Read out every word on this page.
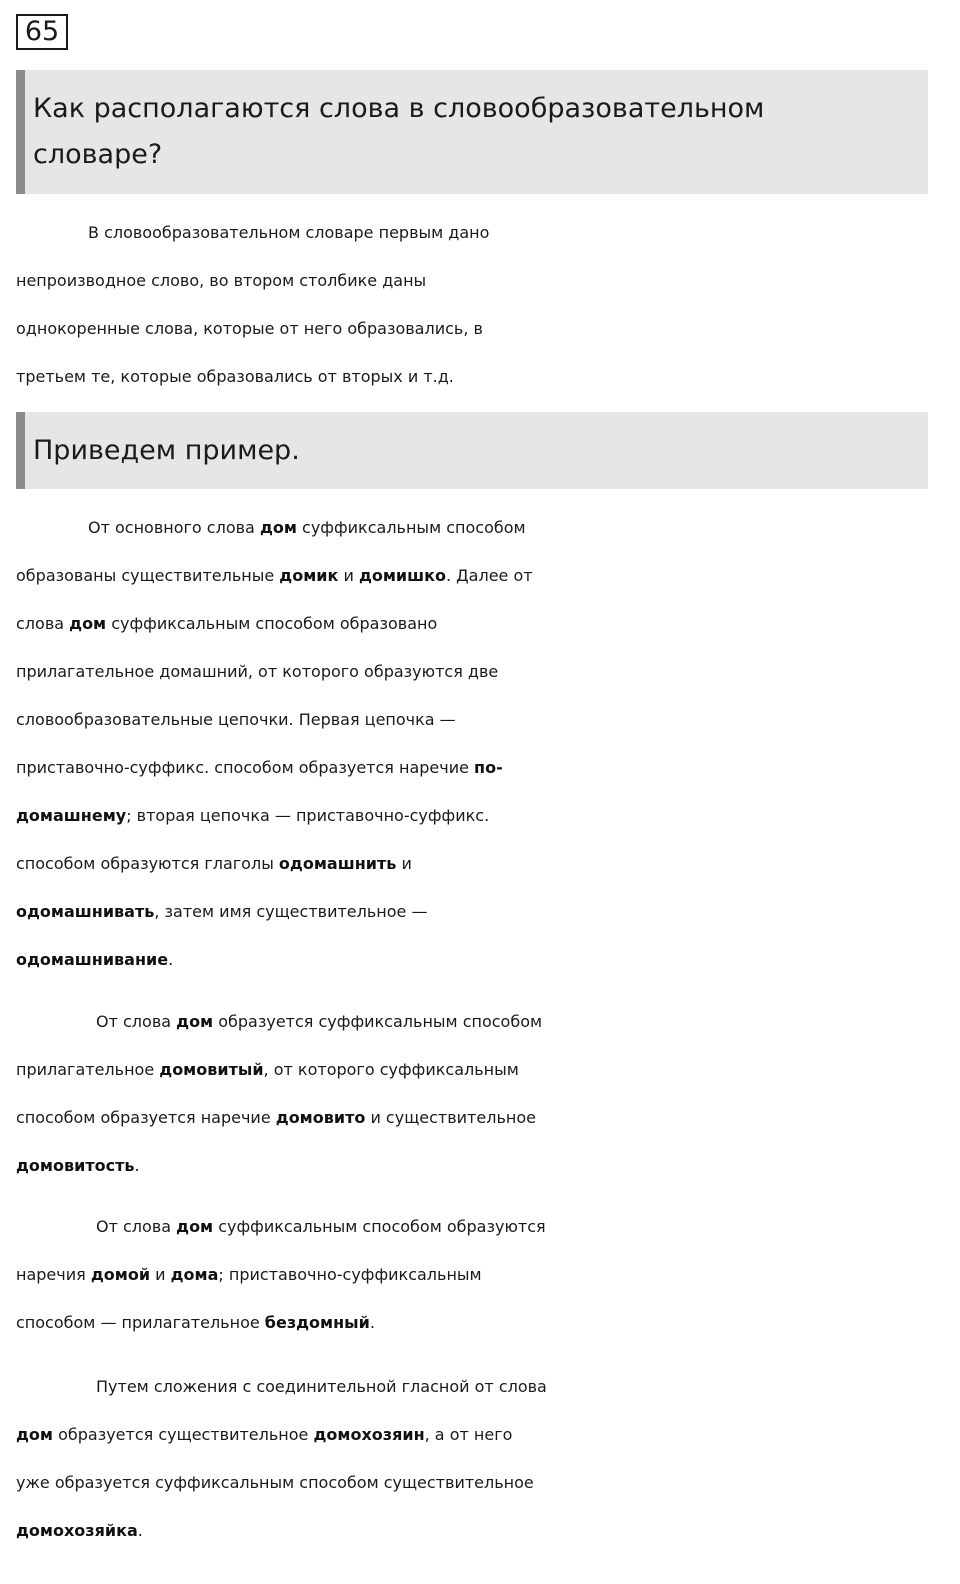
65
Как располагаются слова в словообразовательном
словаре?
В словообразовательном словаре первым дано
непроизводное слово, во втором столбике даны
однокоренные слова, которые от него образовались, в
третьем те, которые образовались от вторых и т.д.
Приведем пример.
От основного слова дом суффиксальным способом
образованы существительные домик и домишко. Далее от
слова дом суффиксальным способом образовано
прилагательное домашний, от которого образуются две
словообразовательные цепочки. Первая цепочка —
приставочно-суффикс. способом образуется наречие по-
домашнему; вторая цепочка — приставочно-суффикс.
способом образуются глаголы одомашнить и
одомашнивать, затем имя существительное —
одомашнивание.
От слова дом образуется суффиксальным способом
прилагательное домовитый, от которого суффиксальным
способом образуется наречие домовито и существительное
домовитость.
От слова дом суффиксальным способом образуются
наречия домой и дома; приставочно-суффиксальным
способом — прилагательное бездомный.
Путем сложения с соединительной гласной от слова
дом образуется существительное домохозяин, а от него
уже образуется суффиксальным способом существительное
домохозяйка.
